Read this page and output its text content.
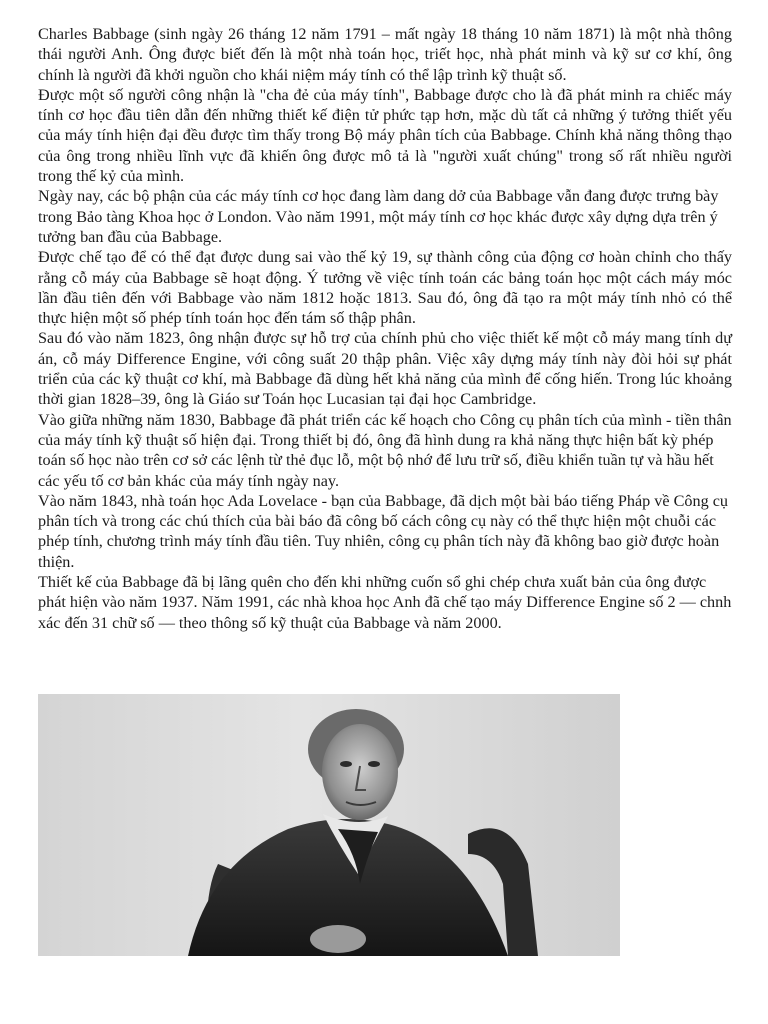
Charles Babbage (sinh ngày 26 tháng 12 năm 1791 – mất ngày 18 tháng 10 năm 1871) là một nhà thông thái người Anh. Ông được biết đến là một nhà toán học, triết học, nhà phát minh và kỹ sư cơ khí, ông chính là người đã khởi nguồn cho khái niệm máy tính có thể lập trình kỹ thuật số.

Được một số người công nhận là "cha đẻ của máy tính", Babbage được cho là đã phát minh ra chiếc máy tính cơ học đầu tiên dẫn đến những thiết kế điện tử phức tạp hơn, mặc dù tất cả những ý tưởng thiết yếu của máy tính hiện đại đều được tìm thấy trong Bộ máy phân tích của Babbage. Chính khả năng thông thạo của ông trong nhiều lĩnh vực đã khiến ông được mô tả là "người xuất chúng" trong số rất nhiều người trong thế kỷ của mình.

Ngày nay, các bộ phận của các máy tính cơ học đang làm dang dở của Babbage vẫn đang được trưng bày trong Bảo tàng Khoa học ở London. Vào năm 1991, một máy tính cơ học khác được xây dựng dựa trên ý tưởng ban đầu của Babbage.

Được chế tạo để có thể đạt được dung sai vào thế kỷ 19, sự thành công của động cơ hoàn chỉnh cho thấy rằng cỗ máy của Babbage sẽ hoạt động. Ý tưởng về việc tính toán các bảng toán học một cách máy móc lần đầu tiên đến với Babbage vào năm 1812 hoặc 1813. Sau đó, ông đã tạo ra một máy tính nhỏ có thể thực hiện một số phép tính toán học đến tám số thập phân.

Sau đó vào năm 1823, ông nhận được sự hỗ trợ của chính phủ cho việc thiết kế một cỗ máy mang tính dự án, cỗ máy Difference Engine, với công suất 20 thập phân. Việc xây dựng máy tính này đòi hỏi sự phát triển của các kỹ thuật cơ khí, mà Babbage đã dùng hết khả năng của mình để cống hiến. Trong lúc khoảng thời gian 1828–39, ông là Giáo sư Toán học Lucasian tại đại học Cambridge.

Vào giữa những năm 1830, Babbage đã phát triển các kế hoạch cho Công cụ phân tích của mình - tiền thân của máy tính kỹ thuật số hiện đại. Trong thiết bị đó, ông đã hình dung ra khả năng thực hiện bất kỳ phép toán số học nào trên cơ sở các lệnh từ thẻ đục lỗ, một bộ nhớ để lưu trữ số, điều khiển tuần tự và hầu hết các yếu tố cơ bản khác của máy tính ngày nay.

Vào năm 1843, nhà toán học Ada Lovelace - bạn của Babbage, đã dịch một bài báo tiếng Pháp về Công cụ phân tích và trong các chú thích của bài báo đã công bố cách công cụ này có thể thực hiện một chuỗi các phép tính, chương trình máy tính đầu tiên. Tuy nhiên, công cụ phân tích này đã không bao giờ được hoàn thiện.

Thiết kế của Babbage đã bị lãng quên cho đến khi những cuốn sổ ghi chép chưa xuất bản của ông được phát hiện vào năm 1937. Năm 1991, các nhà khoa học Anh đã chế tạo máy Difference Engine số 2 — chnh xác đến 31 chữ số — theo thông số kỹ thuật của Babbage và năm 2000.
